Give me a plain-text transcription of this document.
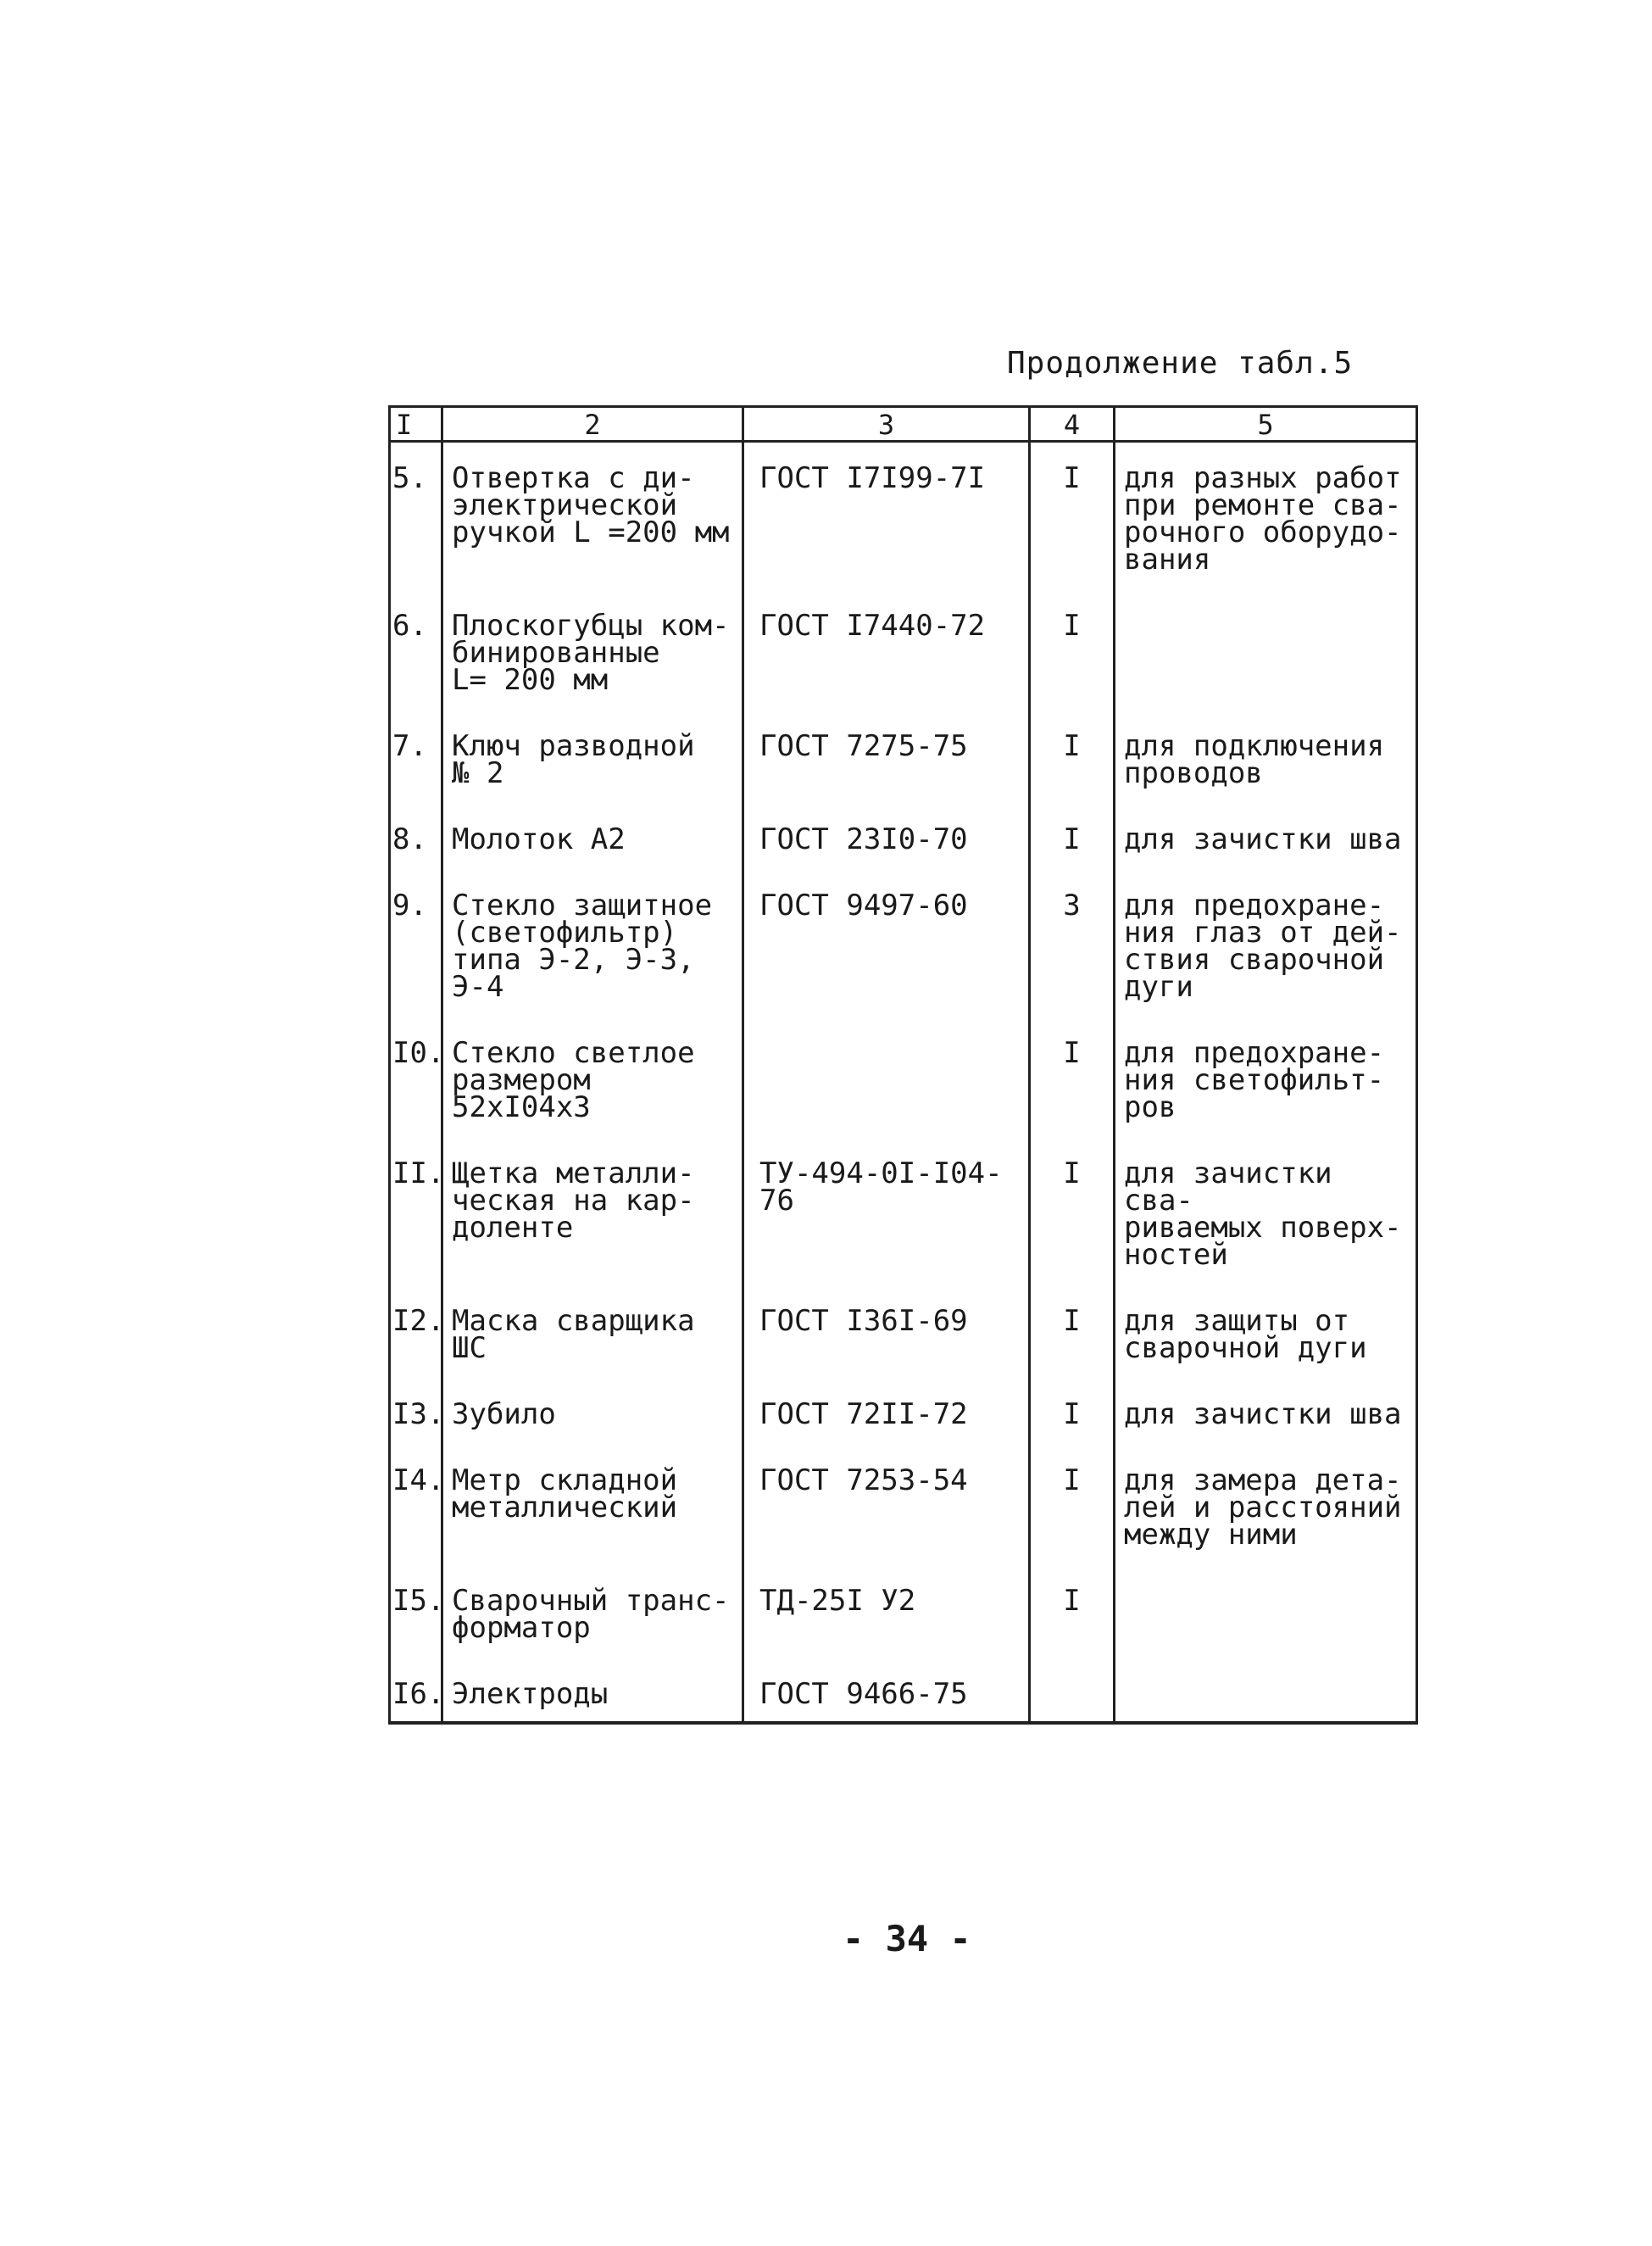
Продолжение табл.5
I	2	3	4	5
5.	Отвертка с ди-
электрической
ручкой L =200 мм	ГОСТ I7I99-7I	I	для разных работ
при ремонте сва-
рочного оборудо-
вания
6.	Плоскогубцы ком-
бинированные
L= 200 мм	ГОСТ I7440-72	I	
7.	Ключ разводной
№ 2	ГОСТ 7275-75	I	для подключения
проводов
8.	Молоток А2	ГОСТ 23I0-70	I	для зачистки шва
9.	Стекло защитное
(светофильтр)
типа Э-2, Э-3,
Э-4	ГОСТ 9497-60	3	для предохране-
ния глаз от дей-
ствия сварочной
дуги
I0.	Стекло светлое
размером
52хI04х3		I	для предохране-
ния светофильт-
ров
II.	Щетка металли-
ческая на кар-
доленте	ТУ-494-0I-I04-76	I	для зачистки сва-
риваемых поверх-
ностей
I2.	Маска сварщика
ШС	ГОСТ I36I-69	I	для защиты от
сварочной дуги
I3.	Зубило	ГОСТ 72II-72	I	для зачистки шва
I4.	Метр складной
металлический	ГОСТ 7253-54	I	для замера дета-
лей и расстояний
между ними
I5.	Сварочный транс-
форматор	ТД-25I У2	I	
I6.	Электроды	ГОСТ 9466-75		
- 34 -
